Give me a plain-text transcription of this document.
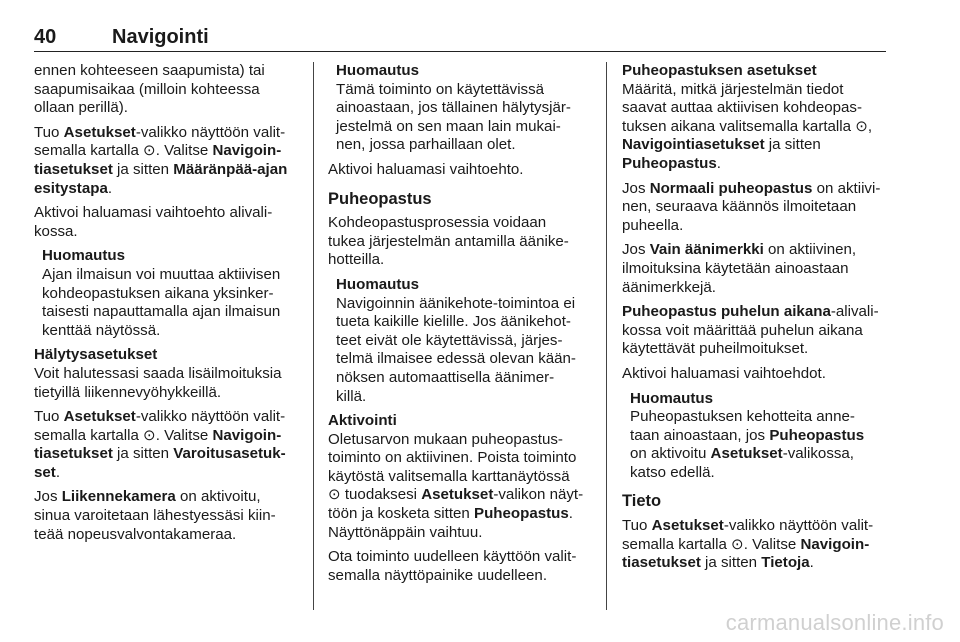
40	Navigointi
ennen kohteeseen saapumista) tai
saapumisaikaa (milloin kohteessa
ollaan perillä).
Tuo Asetukset-valikko näyttöön valit-
semalla kartalla ⊙. Valitse Navigoin-
tiasetukset ja sitten Määränpää-ajan
esitystapa.
Aktivoi haluamasi vaihtoehto alivali-
kossa.
Huomautus
Ajan ilmaisun voi muuttaa aktiivisen
kohdeopastuksen aikana yksinker-
taisesti napauttamalla ajan ilmaisun
kenttää näytössä.
Hälytysasetukset
Voit halutessasi saada lisäilmoituksia
tietyillä liikennevyöhykkeillä.
Tuo Asetukset-valikko näyttöön valit-
semalla kartalla ⊙. Valitse Navigoin-
tiasetukset ja sitten Varoitusasetuk-
set.
Jos Liikennekamera on aktivoitu,
sinua varoitetaan lähestyessäsi kiin-
teää nopeusvalvontakameraa.
Huomautus
Tämä toiminto on käytettävissä
ainoastaan, jos tällainen hälytysjär-
jestelmä on sen maan lain mukai-
nen, jossa parhaillaan olet.
Aktivoi haluamasi vaihtoehto.
Puheopastus
Kohdeopastusprosessia voidaan
tukea järjestelmän antamilla äänike-
hotteilla.
Huomautus
Navigoinnin äänikehote-toimintoa ei
tueta kaikille kielille. Jos äänikehot-
teet eivät ole käytettävissä, järjes-
telmä ilmaisee edessä olevan kään-
nöksen automaattisella äänimer-
killä.
Aktivointi
Oletusarvon mukaan puheopastus-
toiminto on aktiivinen. Poista toiminto
käytöstä valitsemalla karttanäytössä
⊙ tuodaksesi Asetukset-valikon näyt-
töön ja kosketa sitten Puheopastus.
Näyttönäppäin vaihtuu.
Ota toiminto uudelleen käyttöön valit-
semalla näyttöpainike uudelleen.
Puheopastuksen asetukset
Määritä, mitkä järjestelmän tiedot
saavat auttaa aktiivisen kohdeopas-
tuksen aikana valitsemalla kartalla ⊙,
Navigointiasetukset ja sitten
Puheopastus.
Jos Normaali puheopastus on aktiivi-
nen, seuraava käännös ilmoitetaan
puheella.
Jos Vain äänimerkki on aktiivinen,
ilmoituksina käytetään ainoastaan
äänimerkkejä.
Puheopastus puhelun aikana-alivali-
kossa voit määrittää puhelun aikana
käytettävät puheilmoitukset.
Aktivoi haluamasi vaihtoehdot.
Huomautus
Puheopastuksen kehotteita anne-
taan ainoastaan, jos Puheopastus
on aktivoitu Asetukset-valikossa,
katso edellä.
Tieto
Tuo Asetukset-valikko näyttöön valit-
semalla kartalla ⊙. Valitse Navigoin-
tiasetukset ja sitten Tietoja.
carmanualsonline.info
